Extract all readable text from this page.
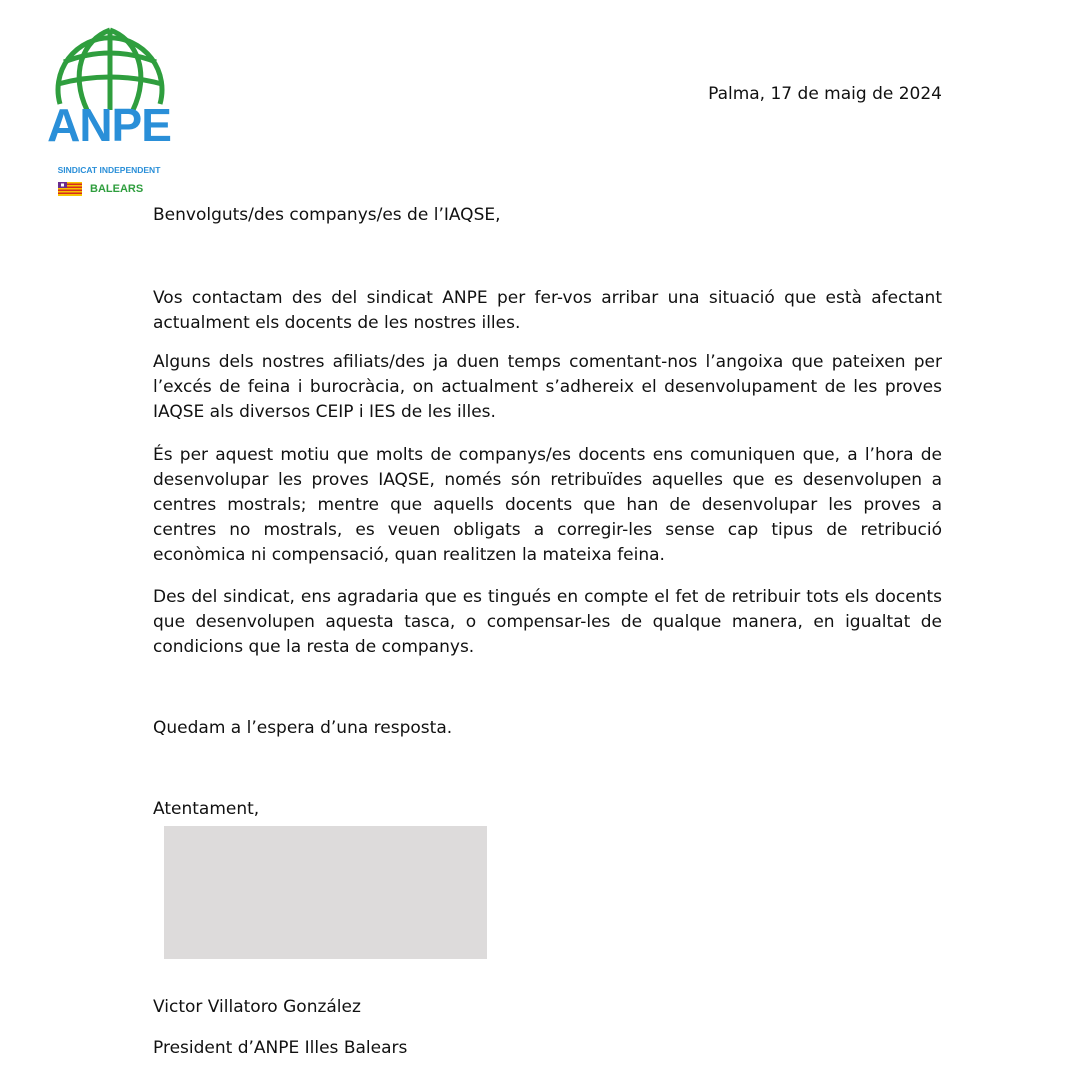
ANPE
SINDICAT INDEPENDENT
BALEARS
Palma, 17 de maig de 2024
Benvolguts/des companys/es de l’IAQSE,
Vos contactam des del sindicat ANPE per fer-vos arribar una situació que està afectant actualment els docents de les nostres illes.
Alguns dels nostres afiliats/des ja duen temps comentant-nos l’angoixa que pateixen per l’excés de feina i burocràcia, on actualment s’adhereix el desenvolupament de les proves IAQSE als diversos CEIP i IES de les illes.
És per aquest motiu que molts de companys/es docents ens comuniquen que, a l’hora de desenvolupar les proves IAQSE, només són retribuïdes aquelles que es desenvolupen a centres mostrals; mentre que aquells docents que han de desenvolupar les proves a centres no mostrals, es veuen obligats a corregir-les sense cap tipus de retribució econòmica ni compensació, quan realitzen la mateixa feina.
Des del sindicat, ens agradaria que es tingués en compte el fet de retribuir tots els docents que desenvolupen aquesta tasca, o compensar-les de qualque manera, en igualtat de condicions que la resta de companys.
Quedam a l’espera d’una resposta.
Atentament,
Victor Villatoro González
President d’ANPE Illes Balears
